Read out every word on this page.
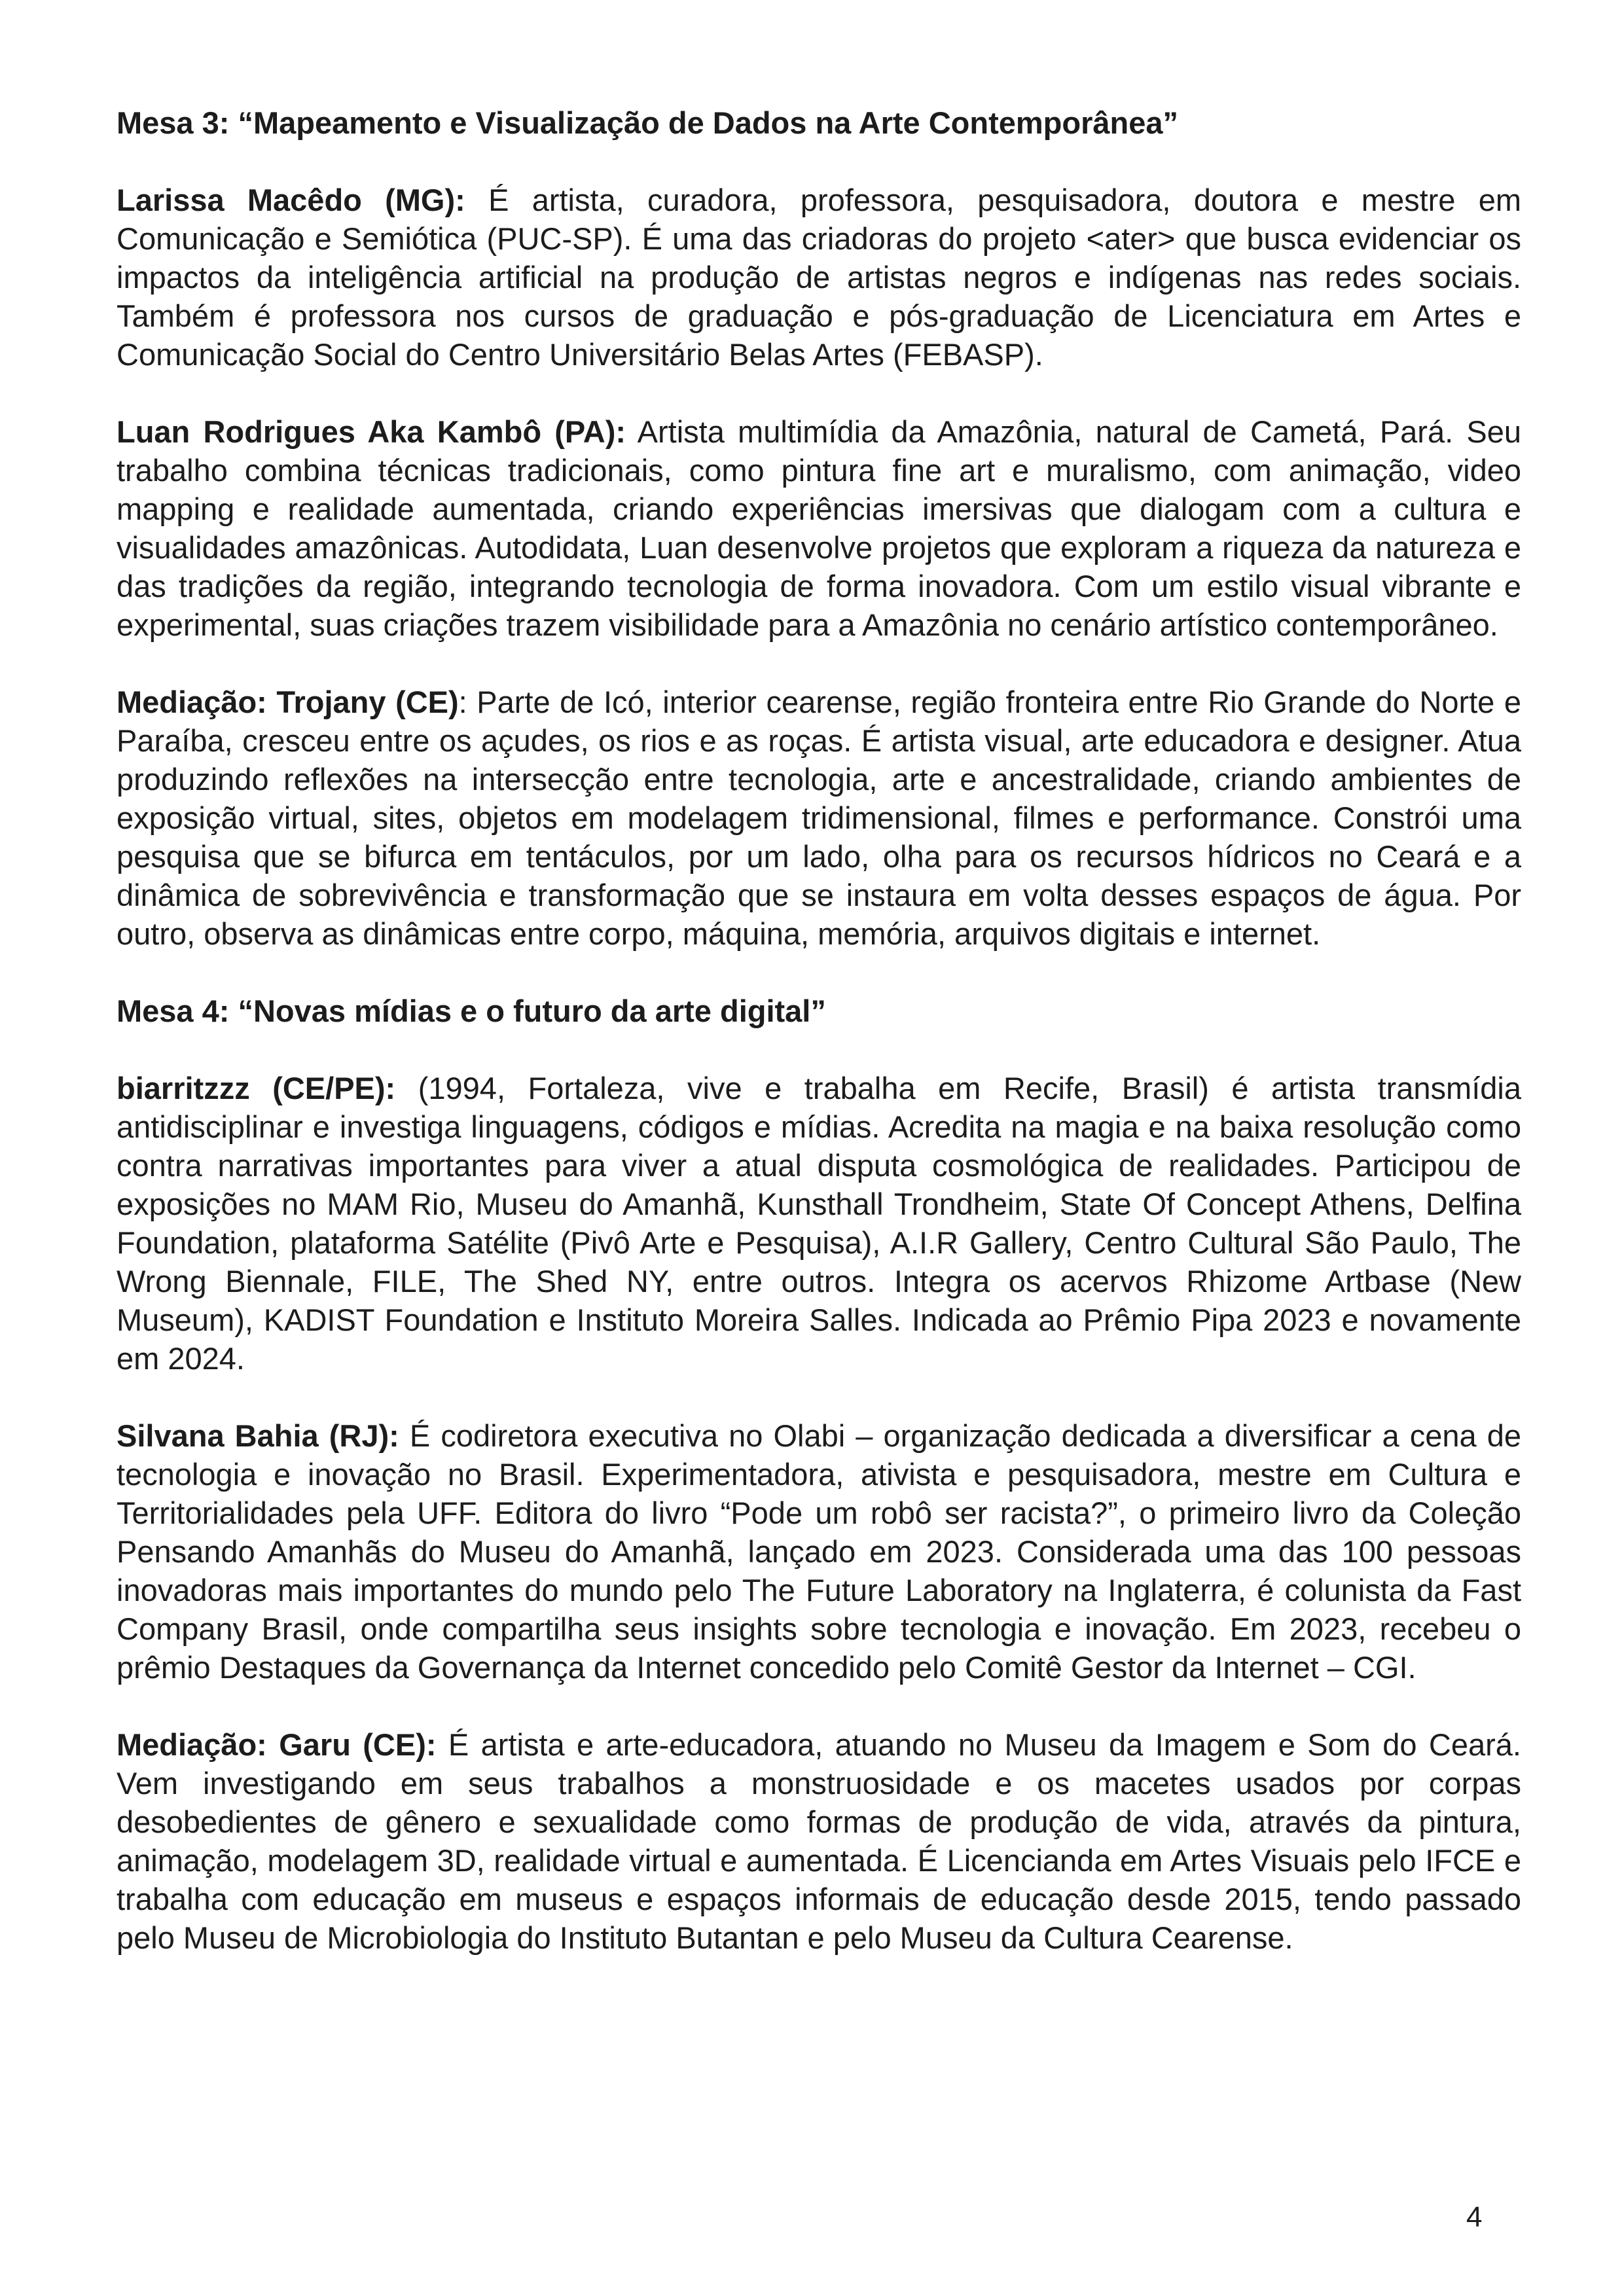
Mesa 3: “Mapeamento e Visualização de Dados na Arte Contemporânea”

Larissa Macêdo (MG): É artista, curadora, professora, pesquisadora, doutora e mestre em Comunicação e Semiótica (PUC-SP). É uma das criadoras do projeto <ater> que busca evidenciar os impactos da inteligência artificial na produção de artistas negros e indígenas nas redes sociais. Também é professora nos cursos de graduação e pós-graduação de Licenciatura em Artes e Comunicação Social do Centro Universitário Belas Artes (FEBASP).

Luan Rodrigues Aka Kambô (PA): Artista multimídia da Amazônia, natural de Cametá, Pará. Seu trabalho combina técnicas tradicionais, como pintura fine art e muralismo, com animação, video mapping e realidade aumentada, criando experiências imersivas que dialogam com a cultura e visualidades amazônicas. Autodidata, Luan desenvolve projetos que exploram a riqueza da natureza e das tradições da região, integrando tecnologia de forma inovadora. Com um estilo visual vibrante e experimental, suas criações trazem visibilidade para a Amazônia no cenário artístico contemporâneo.

Mediação: Trojany (CE): Parte de Icó, interior cearense, região fronteira entre Rio Grande do Norte e Paraíba, cresceu entre os açudes, os rios e as roças. É artista visual, arte educadora e designer. Atua produzindo reflexões na intersecção entre tecnologia, arte e ancestralidade, criando ambientes de exposição virtual, sites, objetos em modelagem tridimensional, filmes e performance. Constrói uma pesquisa que se bifurca em tentáculos, por um lado, olha para os recursos hídricos no Ceará e a dinâmica de sobrevivência e transformação que se instaura em volta desses espaços de água. Por outro, observa as dinâmicas entre corpo, máquina, memória, arquivos digitais e internet.

Mesa 4: “Novas mídias e o futuro da arte digital”

biarritzzz (CE/PE): (1994, Fortaleza, vive e trabalha em Recife, Brasil) é artista transmídia antidisciplinar e investiga linguagens, códigos e mídias. Acredita na magia e na baixa resolução como contra narrativas importantes para viver a atual disputa cosmológica de realidades. Participou de exposições no MAM Rio, Museu do Amanhã, Kunsthall Trondheim, State Of Concept Athens, Delfina Foundation, plataforma Satélite (Pivô Arte e Pesquisa), A.I.R Gallery, Centro Cultural São Paulo, The Wrong Biennale, FILE, The Shed NY, entre outros. Integra os acervos Rhizome Artbase (New Museum), KADIST Foundation e Instituto Moreira Salles. Indicada ao Prêmio Pipa 2023 e novamente em 2024.

Silvana Bahia (RJ): É codiretora executiva no Olabi – organização dedicada a diversificar a cena de tecnologia e inovação no Brasil. Experimentadora, ativista e pesquisadora, mestre em Cultura e Territorialidades pela UFF. Editora do livro “Pode um robô ser racista?”, o primeiro livro da Coleção Pensando Amanhãs do Museu do Amanhã, lançado em 2023. Considerada uma das 100 pessoas inovadoras mais importantes do mundo pelo The Future Laboratory na Inglaterra, é colunista da Fast Company Brasil, onde compartilha seus insights sobre tecnologia e inovação. Em 2023, recebeu o prêmio Destaques da Governança da Internet concedido pelo Comitê Gestor da Internet – CGI.

Mediação: Garu (CE): É artista e arte-educadora, atuando no Museu da Imagem e Som do Ceará. Vem investigando em seus trabalhos a monstruosidade e os macetes usados por corpas desobedientes de gênero e sexualidade como formas de produção de vida, através da pintura, animação, modelagem 3D, realidade virtual e aumentada. É Licencianda em Artes Visuais pelo IFCE e trabalha com educação em museus e espaços informais de educação desde 2015, tendo passado pelo Museu de Microbiologia do Instituto Butantan e pelo Museu da Cultura Cearense.

4
